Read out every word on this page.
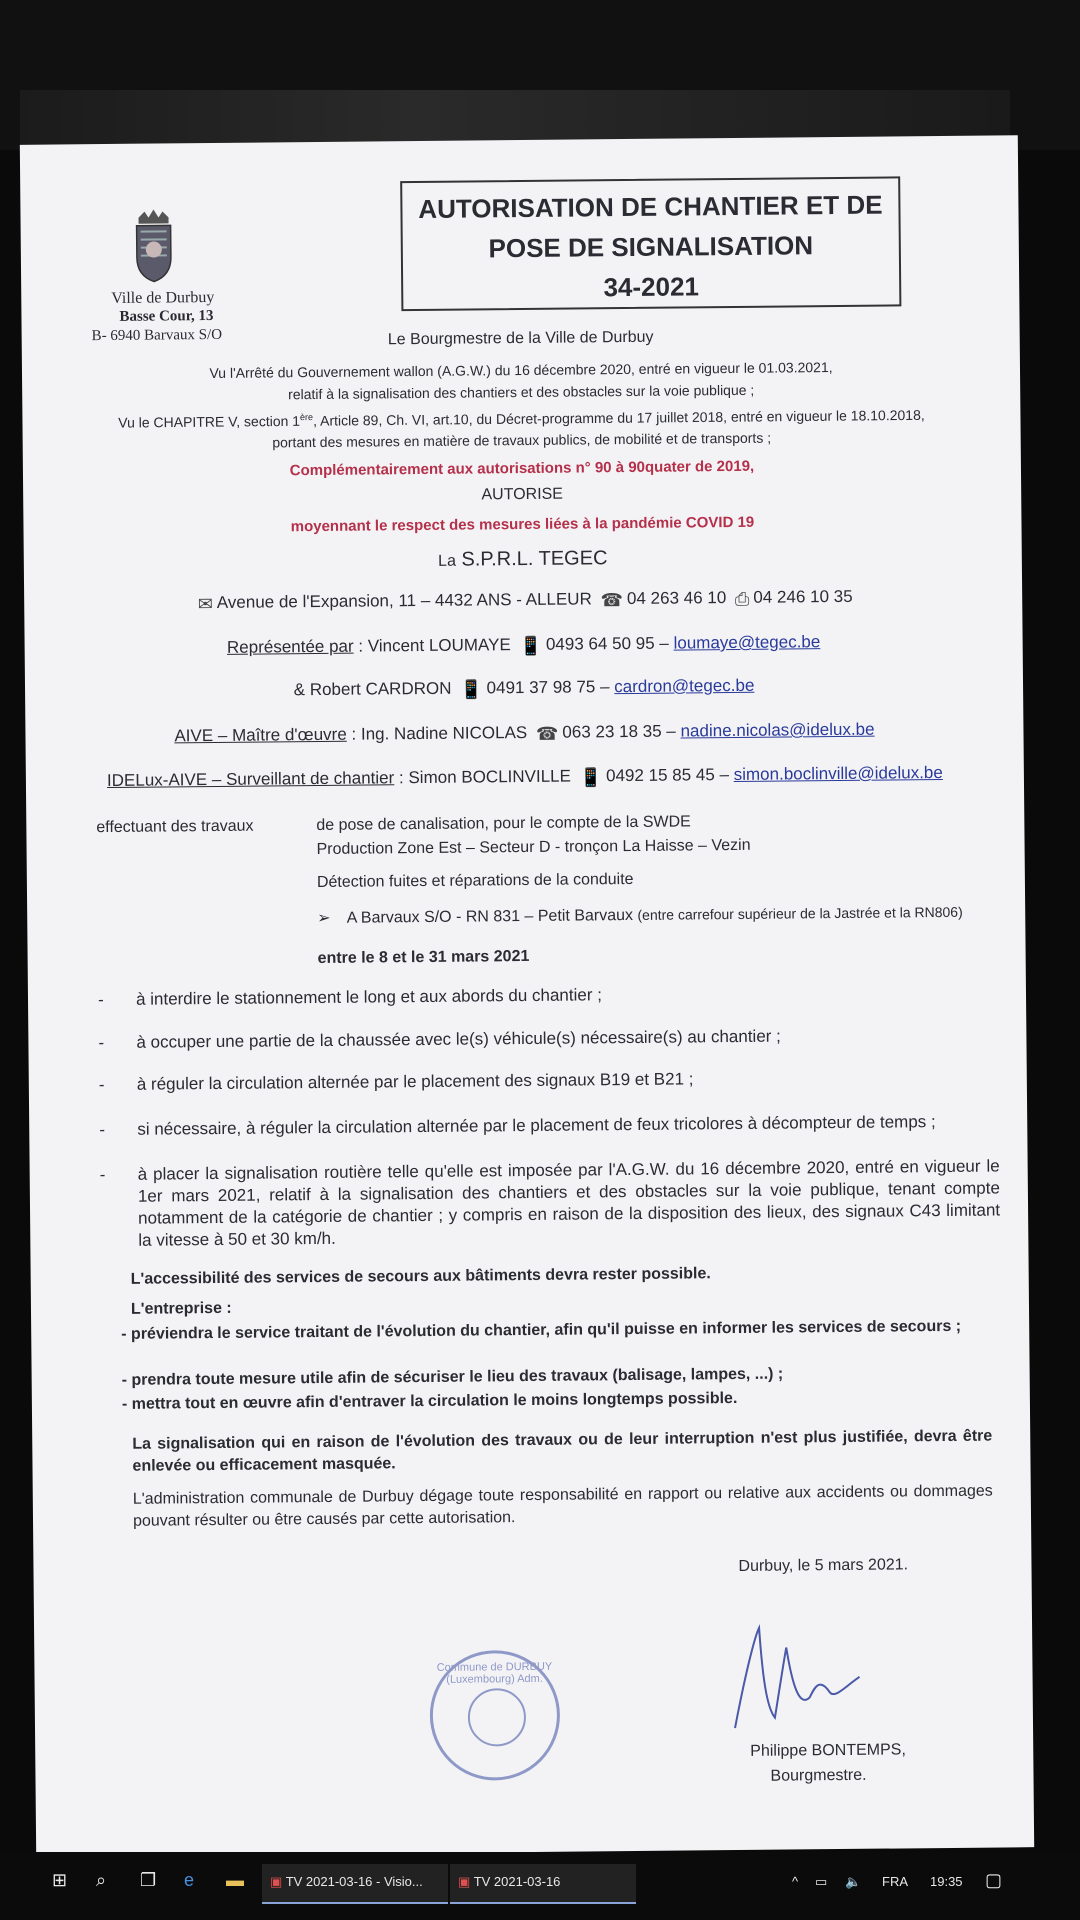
Ville de Durbuy
Basse Cour, 13
B- 6940 Barvaux S/O
AUTORISATION DE CHANTIER ET DE
POSE DE SIGNALISATION
34-2021
Le Bourgmestre de la Ville de Durbuy
Vu l'Arrêté du Gouvernement wallon (A.G.W.) du 16 décembre 2020, entré en vigueur le 01.03.2021,
relatif à la signalisation des chantiers et des obstacles sur la voie publique ;
Vu le CHAPITRE V, section 1ère, Article 89, Ch. VI, art.10, du Décret-programme du 17 juillet 2018, entré en vigueur le 18.10.2018,
portant des mesures en matière de travaux publics, de mobilité et de transports ;
Complémentairement aux autorisations n° 90 à 90quater de 2019,
AUTORISE
moyennant le respect des mesures liées à la pandémie COVID 19
La S.P.R.L. TEGEC
✉ Avenue de l'Expansion, 11 – 4432 ANS - ALLEUR ☎ 04 263 46 10 ⎙ 04 246 10 35
Représentée par : Vincent LOUMAYE 📱 0493 64 50 95 – loumaye@tegec.be
& Robert CARDRON 📱 0491 37 98 75 – cardron@tegec.be
AIVE – Maître d'œuvre : Ing. Nadine NICOLAS ☎ 063 23 18 35 – nadine.nicolas@idelux.be
IDELux-AIVE – Surveillant de chantier : Simon BOCLINVILLE 📱 0492 15 85 45 – simon.boclinville@idelux.be
effectuant des travaux	de pose de canalisation, pour le compte de la SWDE
Production Zone Est – Secteur D - tronçon La Haisse – Vezin
Détection fuites et réparations de la conduite
➢ A Barvaux S/O - RN 831 – Petit Barvaux (entre carrefour supérieur de la Jastrée et la RN806)
entre le 8 et le 31 mars 2021
- à interdire le stationnement le long et aux abords du chantier ;
- à occuper une partie de la chaussée avec le(s) véhicule(s) nécessaire(s) au chantier ;
- à réguler la circulation alternée par le placement des signaux B19 et B21 ;
- si nécessaire, à réguler la circulation alternée par le placement de feux tricolores à décompteur de temps ;
- à placer la signalisation routière telle qu'elle est imposée par l'A.G.W. du 16 décembre 2020, entré en vigueur le 1er mars 2021, relatif à la signalisation des chantiers et des obstacles sur la voie publique, tenant compte notamment de la catégorie de chantier ; y compris en raison de la disposition des lieux, des signaux C43 limitant la vitesse à 50 et 30 km/h.
L'accessibilité des services de secours aux bâtiments devra rester possible.
L'entreprise :
- préviendra le service traitant de l'évolution du chantier, afin qu'il puisse en informer les services de secours ;
- prendra toute mesure utile afin de sécuriser le lieu des travaux (balisage, lampes, ...) ;
- mettra tout en œuvre afin d'entraver la circulation le moins longtemps possible.
La signalisation qui en raison de l'évolution des travaux ou de leur interruption n'est plus justifiée, devra être enlevée ou efficacement masquée.
L'administration communale de Durbuy dégage toute responsabilité en rapport ou relative aux accidents ou dommages pouvant résulter ou être causés par cette autorisation.
Durbuy, le 5 mars 2021.
Commune de DURBUY (Luxembourg) Adm.
Philippe BONTEMPS,
Bourgmestre.
⊞ ⌕ ❐ e ▬	▣ TV 2021-03-16 - Visio...	▣ TV 2021-03-16	^ ▭ 🔈 FRA 19:35 ▢
